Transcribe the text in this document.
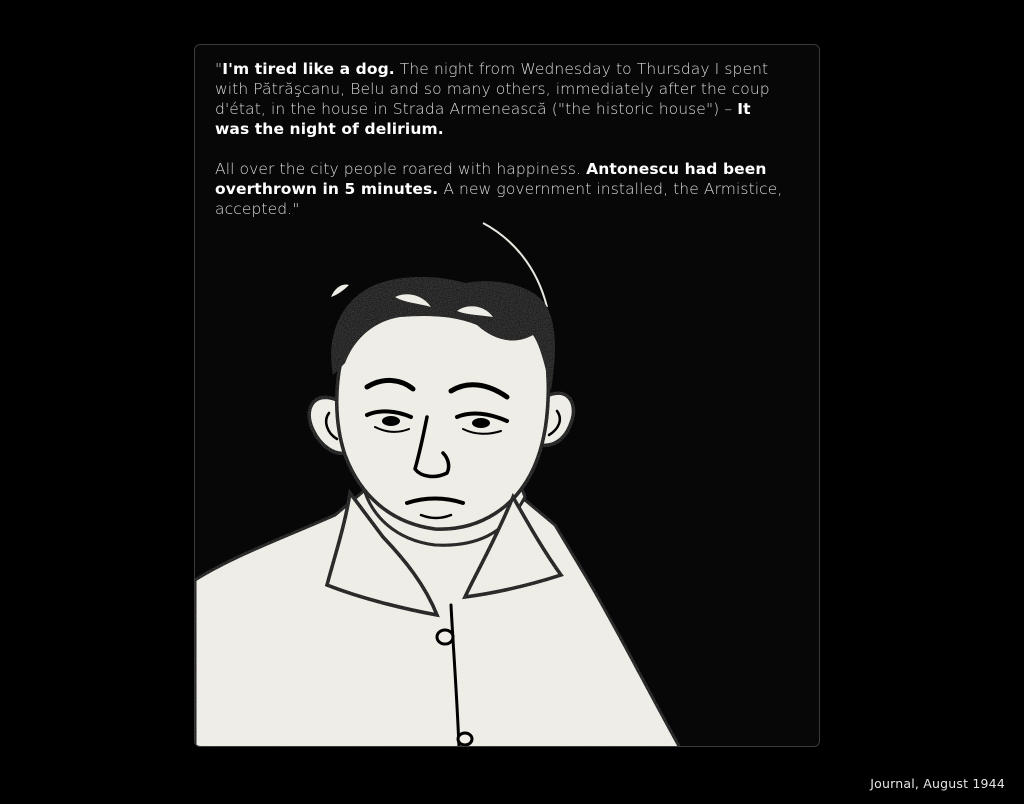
"I'm tired like a dog. The night from Wednesday to Thursday I spent with Pătrăşcanu, Belu and so many others, immediately after the coup d'état, in the house in Strada Armenească ("the historic house") – It was the night of delirium.

All over the city people roared with happiness. Antonescu had been overthrown in 5 minutes. A new government installed, the Armistice, accepted."

Journal, August 1944
